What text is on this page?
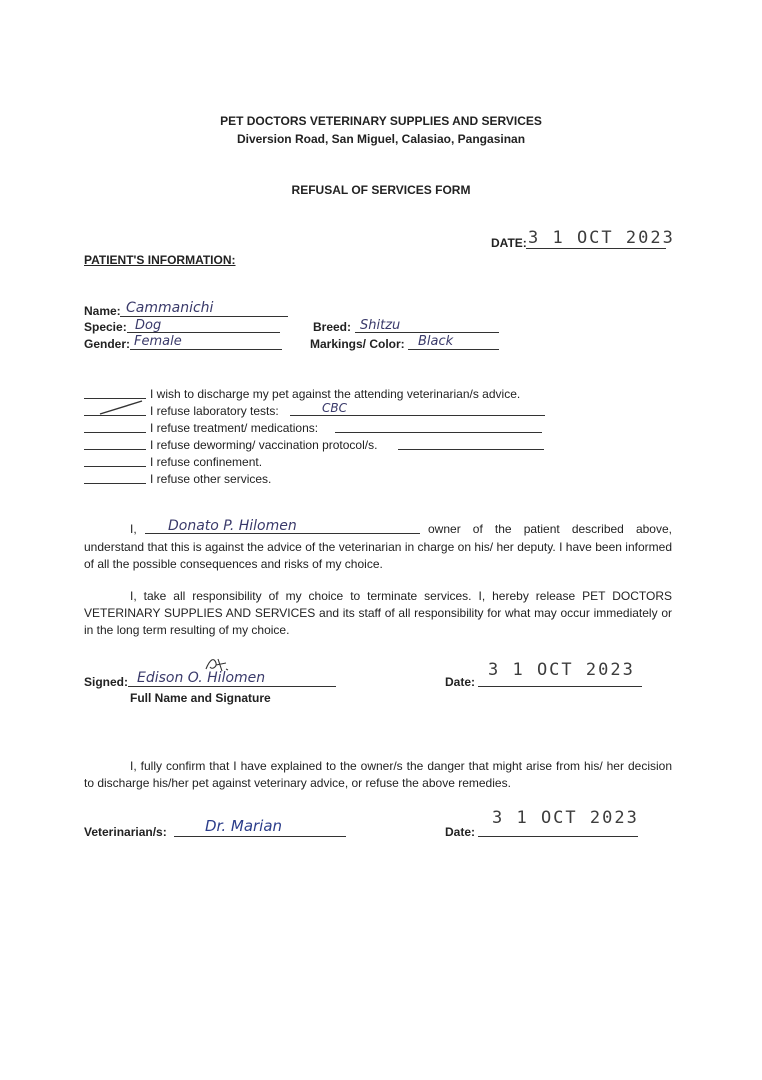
PET DOCTORS VETERINARY SUPPLIES AND SERVICES
Diversion Road, San Miguel, Calasiao, Pangasinan
REFUSAL OF SERVICES FORM
DATE: 3 1 OCT 2023
PATIENT'S INFORMATION:
Name: Cammanichi
Specie: Dog
Gender: Female
Breed: Shitzu
Markings/ Color: Black
I wish to discharge my pet against the attending veterinarian/s advice.
I refuse laboratory tests:	CBC
I refuse treatment/ medications:
I refuse deworming/ vaccination protocol/s.
I refuse confinement.
I refuse other services.
I, Donato P. Hilomen	owner of the patient described above,
understand that this is against the advice of the veterinarian in charge on his/ her deputy. I have been informed of all the possible consequences and risks of my choice.
I, take all responsibility of my choice to terminate services. I, hereby release PET DOCTORS VETERINARY SUPPLIES AND SERVICES and its staff of all responsibility for what may occur immediately or in the long term resulting of my choice.
Signed: Edison O. Hilomen
Full Name and Signature
Date:
3 1 OCT 2023
I, fully confirm that I have explained to the owner/s the danger that might arise from his/ her decision to discharge his/her pet against veterinary advice, or refuse the above remedies.
Veterinarian/s:	Dr. Marian	Date:
3 1 OCT 2023
